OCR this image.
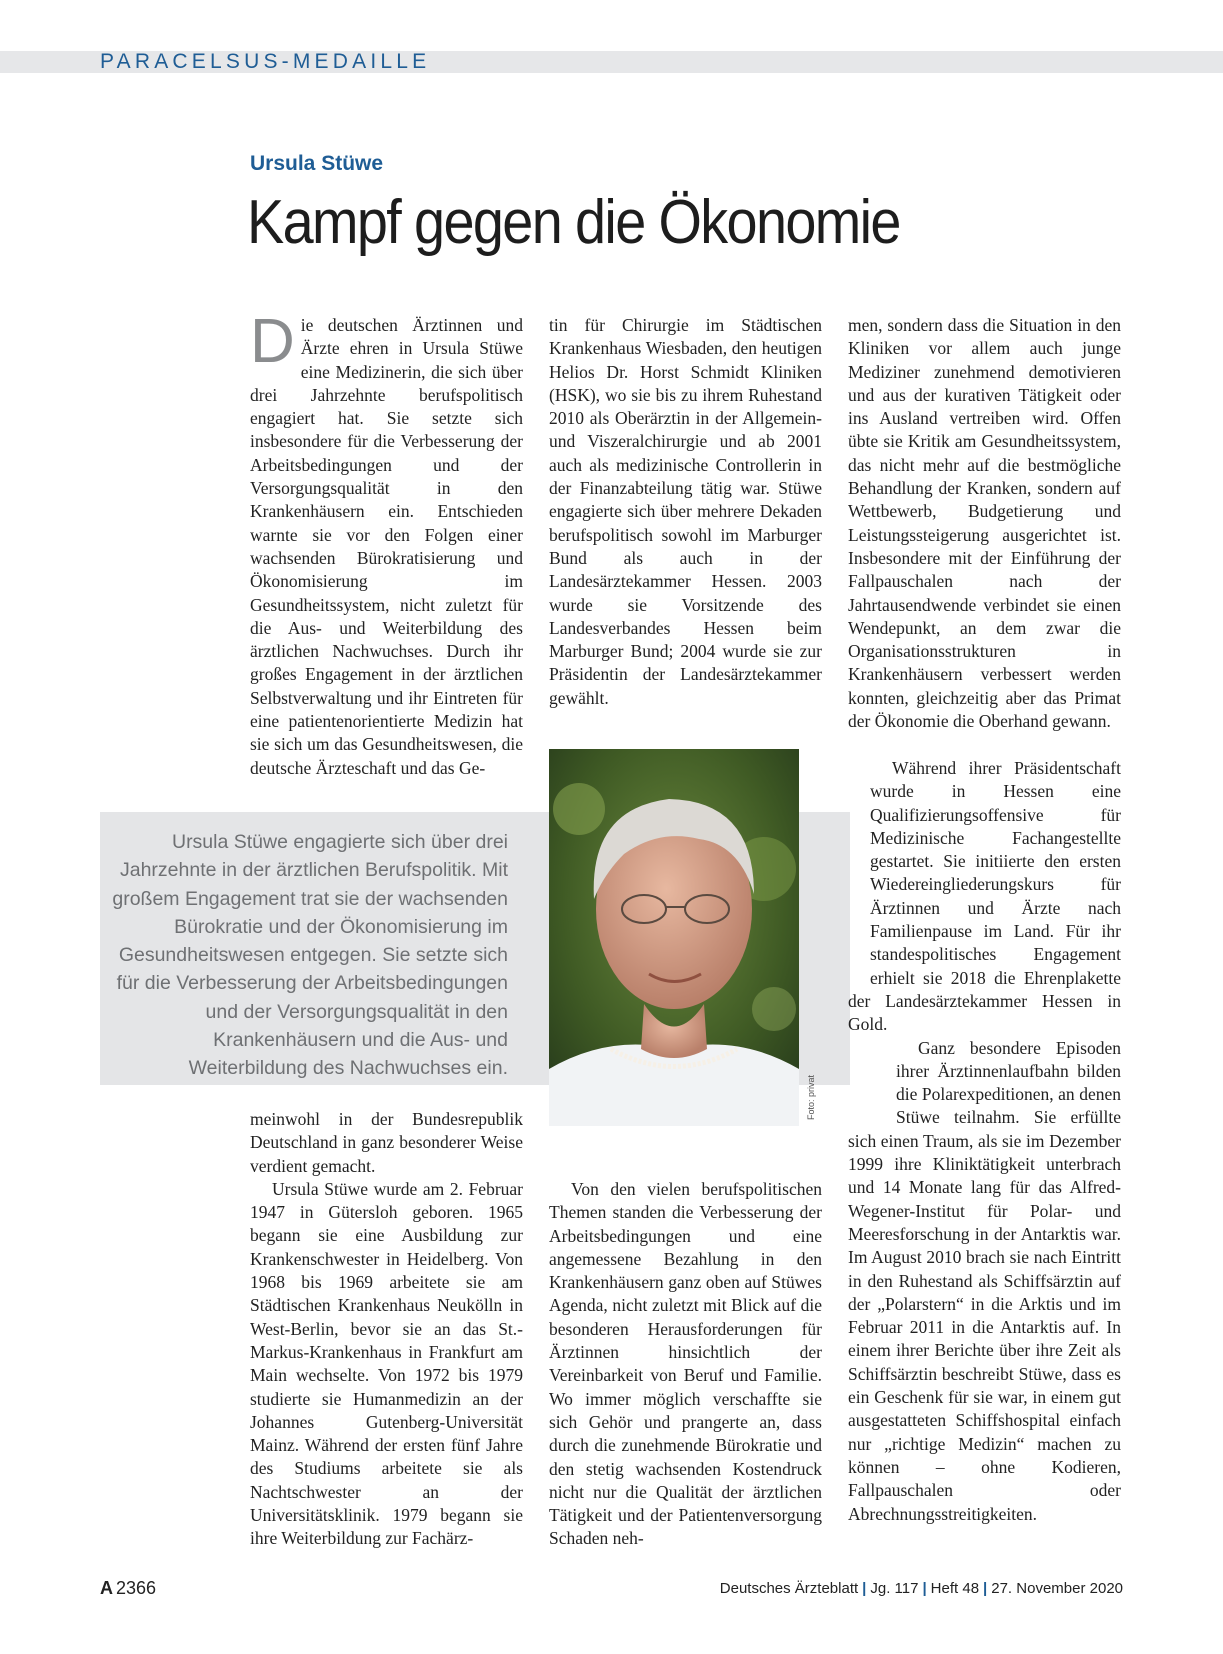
PARACELSUS-MEDAILLE
Ursula Stüwe
Kampf gegen die Ökonomie

Die deutschen Ärztinnen und Ärzte ehren in Ursula Stüwe eine Medizinerin, die sich über drei Jahrzehnte berufspolitisch engagiert hat. Sie setzte sich insbesondere für die Verbesserung der Arbeitsbedingungen und der Versorgungsqualität in den Krankenhäusern ein. Entschieden warnte sie vor den Folgen einer wachsenden Bürokratisierung und Ökonomisierung im Gesundheitssystem, nicht zuletzt für die Aus- und Weiterbildung des ärztlichen Nachwuchses. Durch ihr großes Engagement in der ärztlichen Selbstverwaltung und ihr Eintreten für eine patientenorientierte Medizin hat sie sich um das Gesundheitswesen, die deutsche Ärzteschaft und das Ge-

tin für Chirurgie im Städtischen Krankenhaus Wiesbaden, den heutigen Helios Dr. Horst Schmidt Kliniken (HSK), wo sie bis zu ihrem Ruhestand 2010 als Oberärztin in der Allgemein- und Viszeralchirurgie und ab 2001 auch als medizinische Controllerin in der Finanzabteilung tätig war. Stüwe engagierte sich über mehrere Dekaden berufspolitisch sowohl im Marburger Bund als auch in der Landesärztekammer Hessen. 2003 wurde sie Vorsitzende des Landesverbandes Hessen beim Marburger Bund; 2004 wurde sie zur Präsidentin der Landesärztekammer gewählt.

men, sondern dass die Situation in den Kliniken vor allem auch junge Mediziner zunehmend demotivieren und aus der kurativen Tätigkeit oder ins Ausland vertreiben wird. Offen übte sie Kritik am Gesundheitssystem, das nicht mehr auf die bestmögliche Behandlung der Kranken, sondern auf Wettbewerb, Budgetierung und Leistungssteigerung ausgerichtet ist. Insbesondere mit der Einführung der Fallpauschalen nach der Jahrtausendwende verbindet sie einen Wendepunkt, an dem zwar die Organisationsstrukturen in Krankenhäusern verbessert werden konnten, gleichzeitig aber das Primat der Ökonomie die Oberhand gewann.

Ursula Stüwe engagierte sich über drei Jahrzehnte in der ärztlichen Berufspolitik. Mit großem Engagement trat sie der wachsenden Bürokratie und der Ökonomisierung im Gesundheitswesen entgegen. Sie setzte sich für die Verbesserung der Arbeitsbedingungen und der Versorgungsqualität in den Krankenhäusern und die Aus- und Weiterbildung des Nachwuchses ein.
Foto: privat

meinwohl in der Bundesrepublik Deutschland in ganz besonderer Weise verdient gemacht.

Ursula Stüwe wurde am 2. Februar 1947 in Gütersloh geboren. 1965 begann sie eine Ausbildung zur Krankenschwester in Heidelberg. Von 1968 bis 1969 arbeitete sie am Städtischen Krankenhaus Neukölln in West-Berlin, bevor sie an das St.-Markus-Krankenhaus in Frankfurt am Main wechselte. Von 1972 bis 1979 studierte sie Humanmedizin an der Johannes Gutenberg-Universität Mainz. Während der ersten fünf Jahre des Studiums arbeitete sie als Nachtschwester an der Universitätsklinik. 1979 begann sie ihre Weiterbildung zur Fachärz-

Von den vielen berufspolitischen Themen standen die Verbesserung der Arbeitsbedingungen und eine angemessene Bezahlung in den Krankenhäusern ganz oben auf Stüwes Agenda, nicht zuletzt mit Blick auf die besonderen Herausforderungen für Ärztinnen hinsichtlich der Vereinbarkeit von Beruf und Familie. Wo immer möglich verschaffte sie sich Gehör und prangerte an, dass durch die zunehmende Bürokratie und den stetig wachsenden Kostendruck nicht nur die Qualität der ärztlichen Tätigkeit und der Patientenversorgung Schaden neh-

Während ihrer Präsidentschaft wurde in Hessen eine Qualifizierungsoffensive für Medizinische Fachangestellte gestartet. Sie initiierte den ersten Wiedereingliederungskurs für Ärztinnen und Ärzte nach Familienpause im Land. Für ihr standespolitisches Engagement erhielt sie 2018 die Ehrenplakette der Landesärztekammer Hessen in Gold.

Ganz besondere Episoden ihrer Ärztinnenlaufbahn bilden die Polarexpeditionen, an denen Stüwe teilnahm. Sie erfüllte sich einen Traum, als sie im Dezember 1999 ihre Kliniktätigkeit unterbrach und 14 Monate lang für das Alfred-Wegener-Institut für Polar- und Meeresforschung in der Antarktis war. Im August 2010 brach sie nach Eintritt in den Ruhestand als Schiffsärztin auf der „Polarstern“ in die Arktis und im Februar 2011 in die Antarktis auf. In einem ihrer Berichte über ihre Zeit als Schiffsärztin beschreibt Stüwe, dass es ein Geschenk für sie war, in einem gut ausgestatteten Schiffshospital einfach nur „richtige Medizin“ machen zu können – ohne Kodieren, Fallpauschalen oder Abrechnungsstreitigkeiten.

A 2366	Deutsches Ärzteblatt | Jg. 117 | Heft 48 | 27. November 2020
